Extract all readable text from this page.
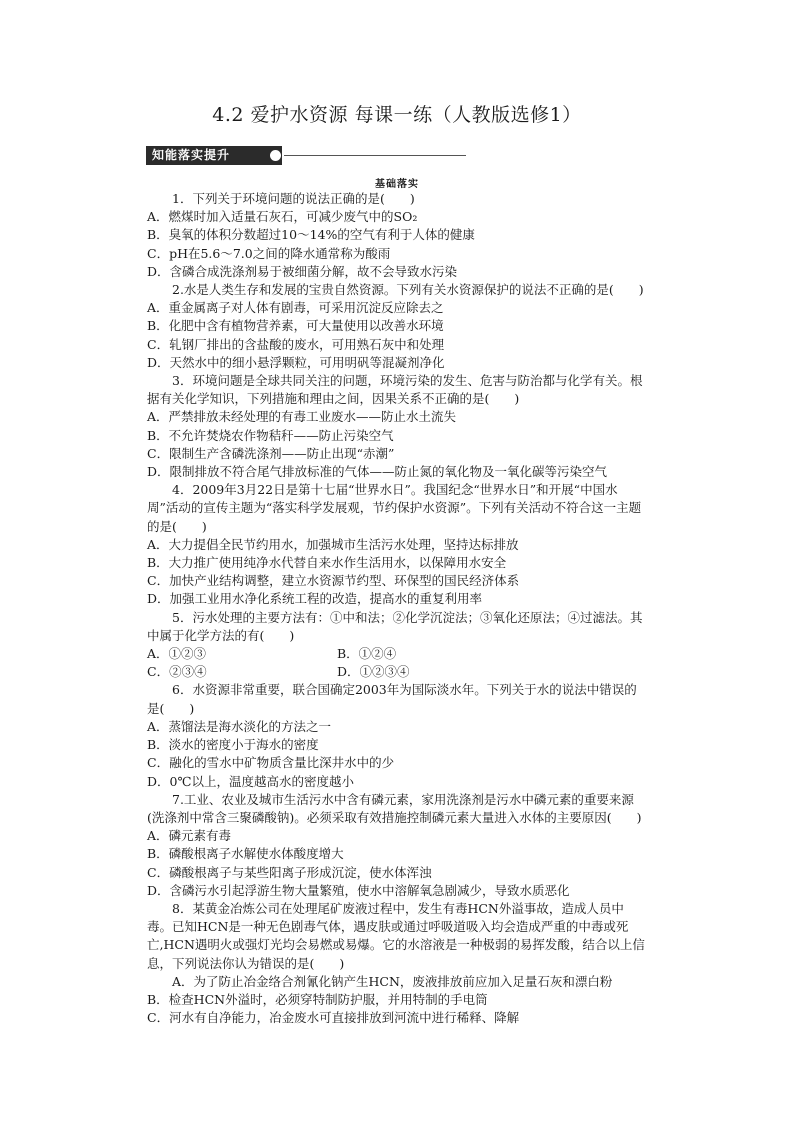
4.2 爱护水资源 每课一练（人教版选修1）
知能落实提升
基础落实

1．下列关于环境问题的说法正确的是(　　)

A．燃煤时加入适量石灰石，可减少废气中的SO₂

B．臭氧的体积分数超过10～14%的空气有利于人体的健康

C．pH在5.6～7.0之间的降水通常称为酸雨

D．含磷合成洗涤剂易于被细菌分解，故不会导致水污染

2.水是人类生存和发展的宝贵自然资源。下列有关水资源保护的说法不正确的是(　　)

A．重金属离子对人体有剧毒，可采用沉淀反应除去之

B．化肥中含有植物营养素，可大量使用以改善水环境

C．轧钢厂排出的含盐酸的废水，可用熟石灰中和处理

D．天然水中的细小悬浮颗粒，可用明矾等混凝剂净化

3．环境问题是全球共同关注的问题，环境污染的发生、危害与防治都与化学有关。根据有关化学知识，下列措施和理由之间，因果关系不正确的是(　　)

A．严禁排放未经处理的有毒工业废水——防止水土流失

B．不允许焚烧农作物秸秆——防止污染空气

C．限制生产含磷洗涤剂——防止出现“赤潮”

D．限制排放不符合尾气排放标准的气体——防止氮的氧化物及一氧化碳等污染空气

4．2009年3月22日是第十七届“世界水日”。我国纪念“世界水日”和开展“中国水周”活动的宣传主题为“落实科学发展观，节约保护水资源”。下列有关活动不符合这一主题的是(　　)

A．大力提倡全民节约用水，加强城市生活污水处理，坚持达标排放

B．大力推广使用纯净水代替自来水作生活用水，以保障用水安全

C．加快产业结构调整，建立水资源节约型、环保型的国民经济体系

D．加强工业用水净化系统工程的改造，提高水的重复利用率

5．污水处理的主要方法有：①中和法；②化学沉淀法；③氧化还原法；④过滤法。其中属于化学方法的有(　　)

A．①②③	B．①②④

C．②③④	D．①②③④

6．水资源非常重要，联合国确定2003年为国际淡水年。下列关于水的说法中错误的是(　　)

A．蒸馏法是海水淡化的方法之一

B．淡水的密度小于海水的密度

C．融化的雪水中矿物质含量比深井水中的少

D．0℃以上，温度越高水的密度越小

7.工业、农业及城市生活污水中含有磷元素，家用洗涤剂是污水中磷元素的重要来源(洗涤剂中常含三聚磷酸钠)。必须采取有效措施控制磷元素大量进入水体的主要原因(　　)

A．磷元素有毒

B．磷酸根离子水解使水体酸度增大

C．磷酸根离子与某些阳离子形成沉淀，使水体浑浊

D．含磷污水引起浮游生物大量繁殖，使水中溶解氧急剧减少，导致水质恶化

8．某黄金冶炼公司在处理尾矿废液过程中，发生有毒HCN外溢事故，造成人员中毒。已知HCN是一种无色剧毒气体，遇皮肤或通过呼吸道吸入均会造成严重的中毒或死亡,HCN遇明火或强灯光均会易燃或易爆。它的水溶液是一种极弱的易挥发酸，结合以上信息，下列说法你认为错误的是(　　)

A．为了防止冶金络合剂氰化钠产生HCN，废液排放前应加入足量石灰和漂白粉

B．检查HCN外溢时，必须穿特制防护服，并用特制的手电筒

C．河水有自净能力，冶金废水可直接排放到河流中进行稀释、降解
